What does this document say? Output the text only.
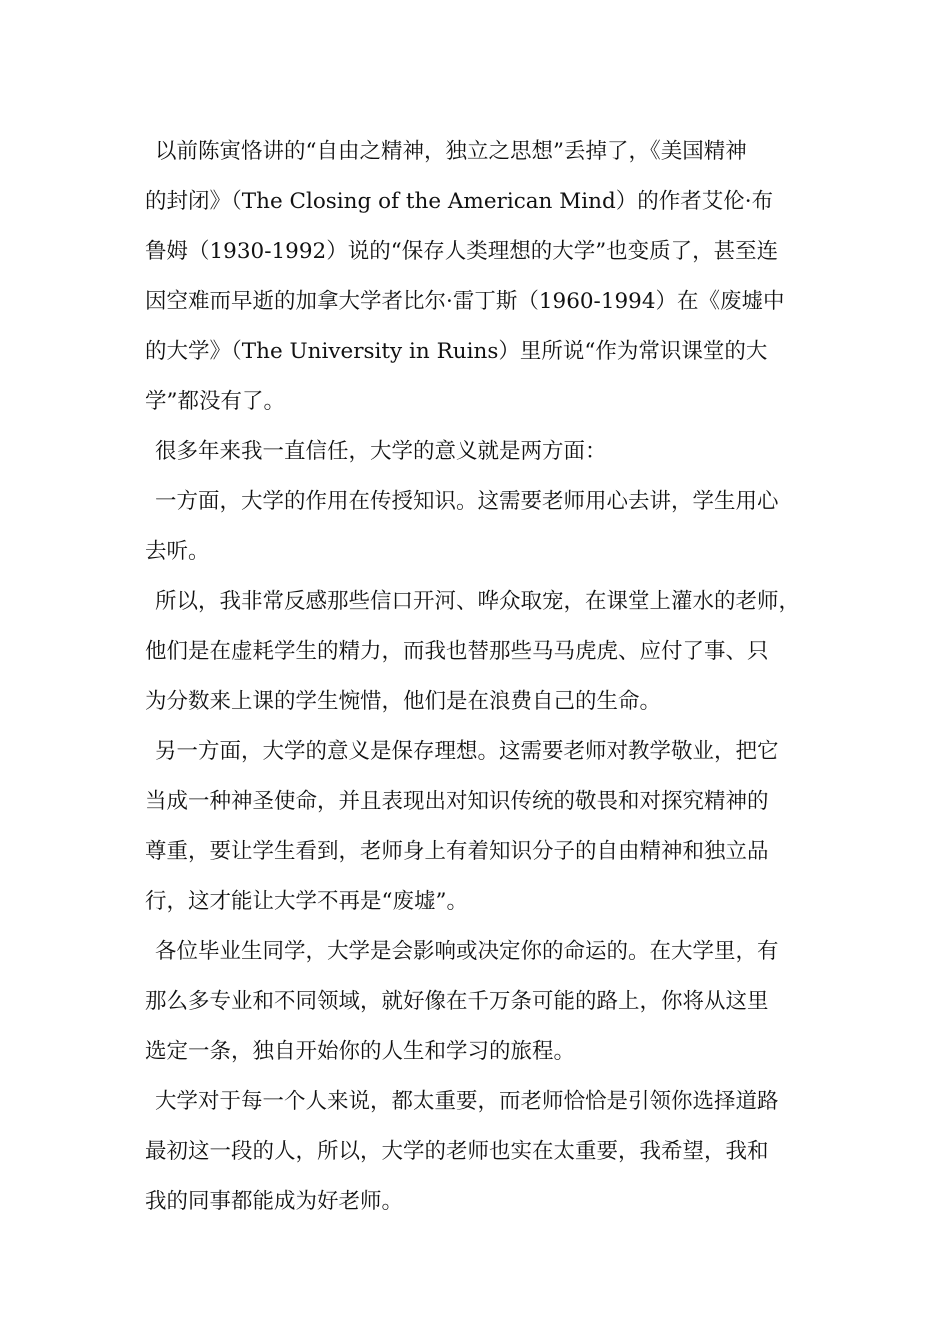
以前陈寅恪讲的“自由之精神，独立之思想”丢掉了，《美国精神
的封闭》（The Closing of the American Mind）的作者艾伦·布
鲁姆（1930-1992）说的“保存人类理想的大学”也变质了，甚至连
因空难而早逝的加拿大学者比尔·雷丁斯（1960-1994）在《废墟中
的大学》（The University in Ruins）里所说“作为常识课堂的大
学”都没有了。
很多年来我一直信任，大学的意义就是两方面：
一方面，大学的作用在传授知识。这需要老师用心去讲，学生用心
去听。
所以，我非常反感那些信口开河、哗众取宠，在课堂上灌水的老师，
他们是在虚耗学生的精力，而我也替那些马马虎虎、应付了事、只
为分数来上课的学生惋惜，他们是在浪费自己的生命。
另一方面，大学的意义是保存理想。这需要老师对教学敬业，把它
当成一种神圣使命，并且表现出对知识传统的敬畏和对探究精神的
尊重，要让学生看到，老师身上有着知识分子的自由精神和独立品
行，这才能让大学不再是“废墟”。
各位毕业生同学，大学是会影响或决定你的命运的。在大学里，有
那么多专业和不同领域，就好像在千万条可能的路上，你将从这里
选定一条，独自开始你的人生和学习的旅程。
大学对于每一个人来说，都太重要，而老师恰恰是引领你选择道路
最初这一段的人，所以，大学的老师也实在太重要，我希望，我和
我的同事都能成为好老师。
